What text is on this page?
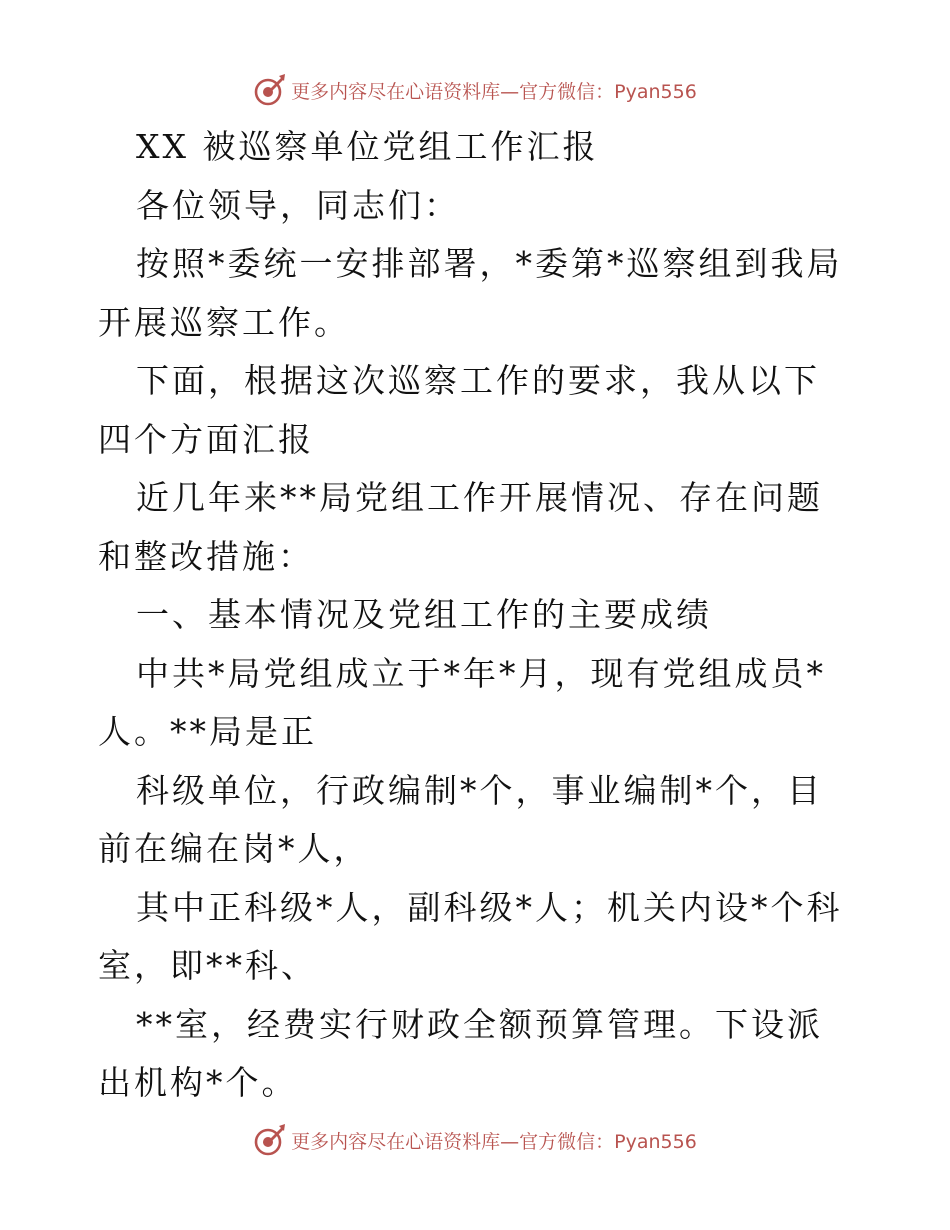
更多内容尽在心语资料库—官方微信：Pyan556

XX 被巡察单位党组工作汇报

各位领导，同志们：

按照*委统一安排部署，*委第*巡察组到我局开展巡察工作。

下面，根据这次巡察工作的要求，我从以下四个方面汇报

近几年来**局党组工作开展情况、存在问题和整改措施：

一、基本情况及党组工作的主要成绩

中共*局党组成立于*年*月，现有党组成员*人。**局是正

科级单位，行政编制*个，事业编制*个，目前在编在岗*人，

其中正科级*人，副科级*人；机关内设*个科室，即**科、

**室，经费实行财政全额预算管理。下设派出机构*个。

更多内容尽在心语资料库—官方微信：Pyan556
